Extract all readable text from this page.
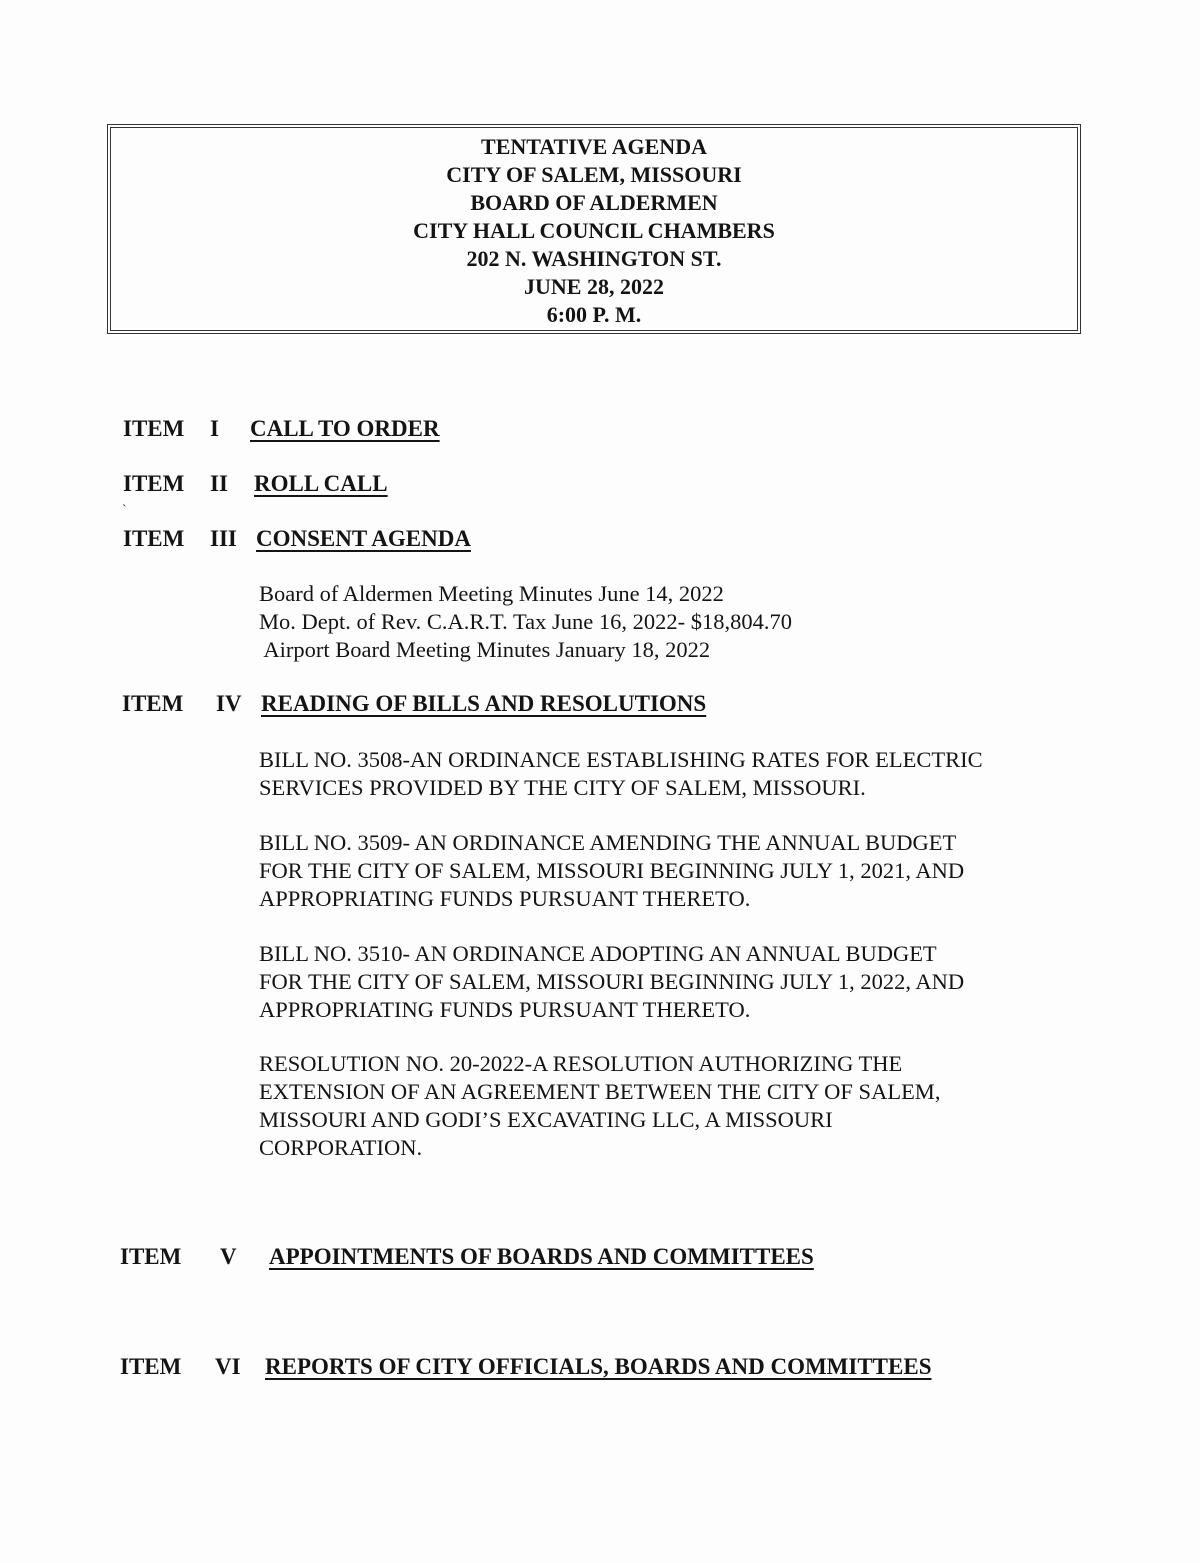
TENTATIVE AGENDA
CITY OF SALEM, MISSOURI
BOARD OF ALDERMEN
CITY HALL COUNCIL CHAMBERS
202 N. WASHINGTON ST.
JUNE 28, 2022
6:00 P. M.
ITEM I CALL TO ORDER
ITEM II ROLL CALL
`
ITEM III CONSENT AGENDA
Board of Aldermen Meeting Minutes June 14, 2022
Mo. Dept. of Rev. C.A.R.T. Tax June 16, 2022- $18,804.70
Airport Board Meeting Minutes January 18, 2022
ITEM IV READING OF BILLS AND RESOLUTIONS
BILL NO. 3508-AN ORDINANCE ESTABLISHING RATES FOR ELECTRIC
SERVICES PROVIDED BY THE CITY OF SALEM, MISSOURI.
BILL NO. 3509- AN ORDINANCE AMENDING THE ANNUAL BUDGET
FOR THE CITY OF SALEM, MISSOURI BEGINNING JULY 1, 2021, AND
APPROPRIATING FUNDS PURSUANT THERETO.
BILL NO. 3510- AN ORDINANCE ADOPTING AN ANNUAL BUDGET
FOR THE CITY OF SALEM, MISSOURI BEGINNING JULY 1, 2022, AND
APPROPRIATING FUNDS PURSUANT THERETO.
RESOLUTION NO. 20-2022-A RESOLUTION AUTHORIZING THE
EXTENSION OF AN AGREEMENT BETWEEN THE CITY OF SALEM,
MISSOURI AND GODI’S EXCAVATING LLC, A MISSOURI
CORPORATION.
ITEM V APPOINTMENTS OF BOARDS AND COMMITTEES
ITEM VI REPORTS OF CITY OFFICIALS, BOARDS AND COMMITTEES
